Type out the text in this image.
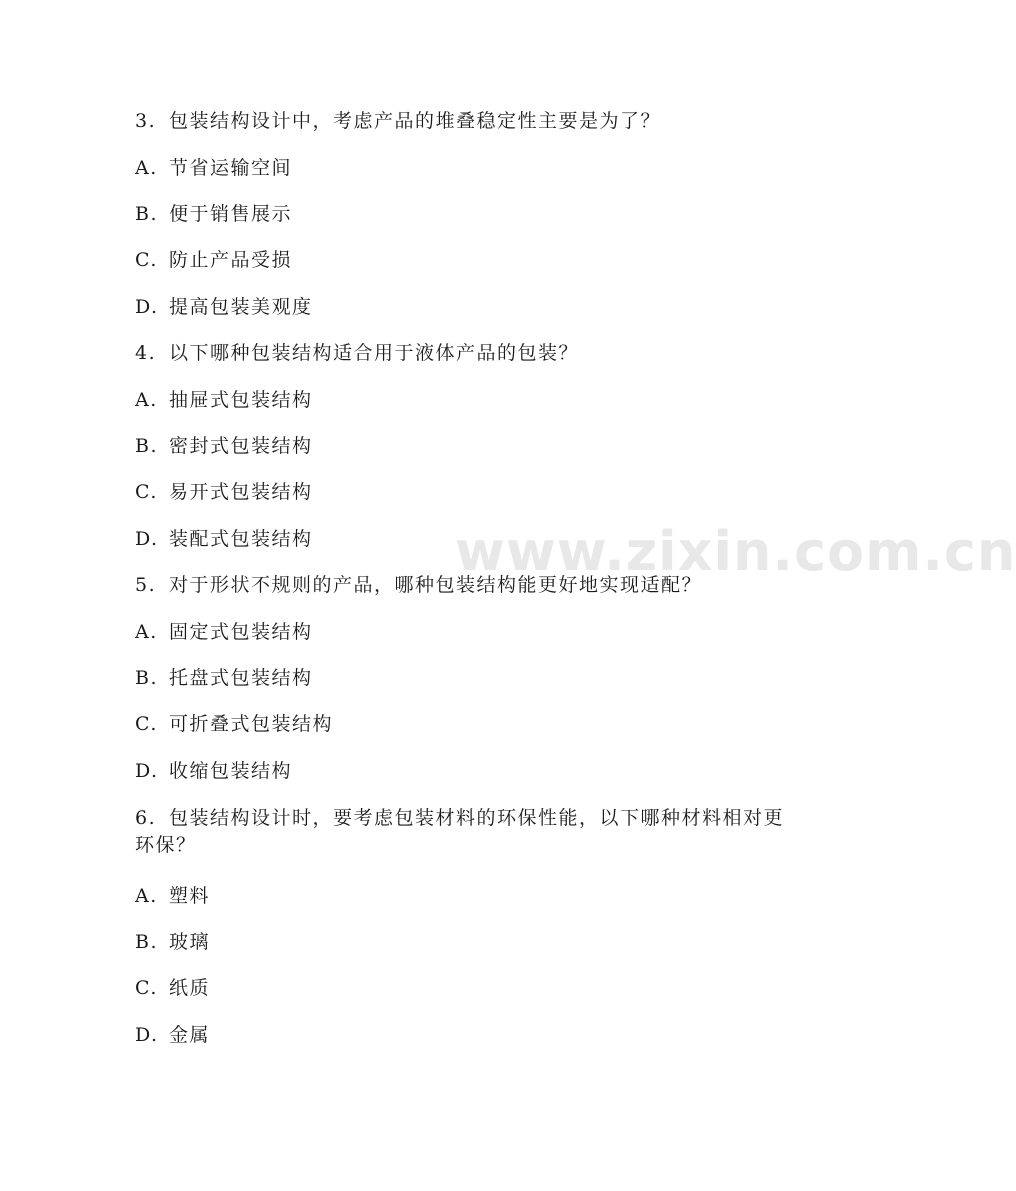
www.zixin.com.cn
3. 包装结构设计中，考虑产品的堆叠稳定性主要是为了？
A. 节省运输空间
B. 便于销售展示
C. 防止产品受损
D. 提高包装美观度
4. 以下哪种包装结构适合用于液体产品的包装？
A. 抽屉式包装结构
B. 密封式包装结构
C. 易开式包装结构
D. 装配式包装结构
5. 对于形状不规则的产品，哪种包装结构能更好地实现适配？
A. 固定式包装结构
B. 托盘式包装结构
C. 可折叠式包装结构
D. 收缩包装结构
6. 包装结构设计时，要考虑包装材料的环保性能，以下哪种材料相对更环保？
A. 塑料
B. 玻璃
C. 纸质
D. 金属
